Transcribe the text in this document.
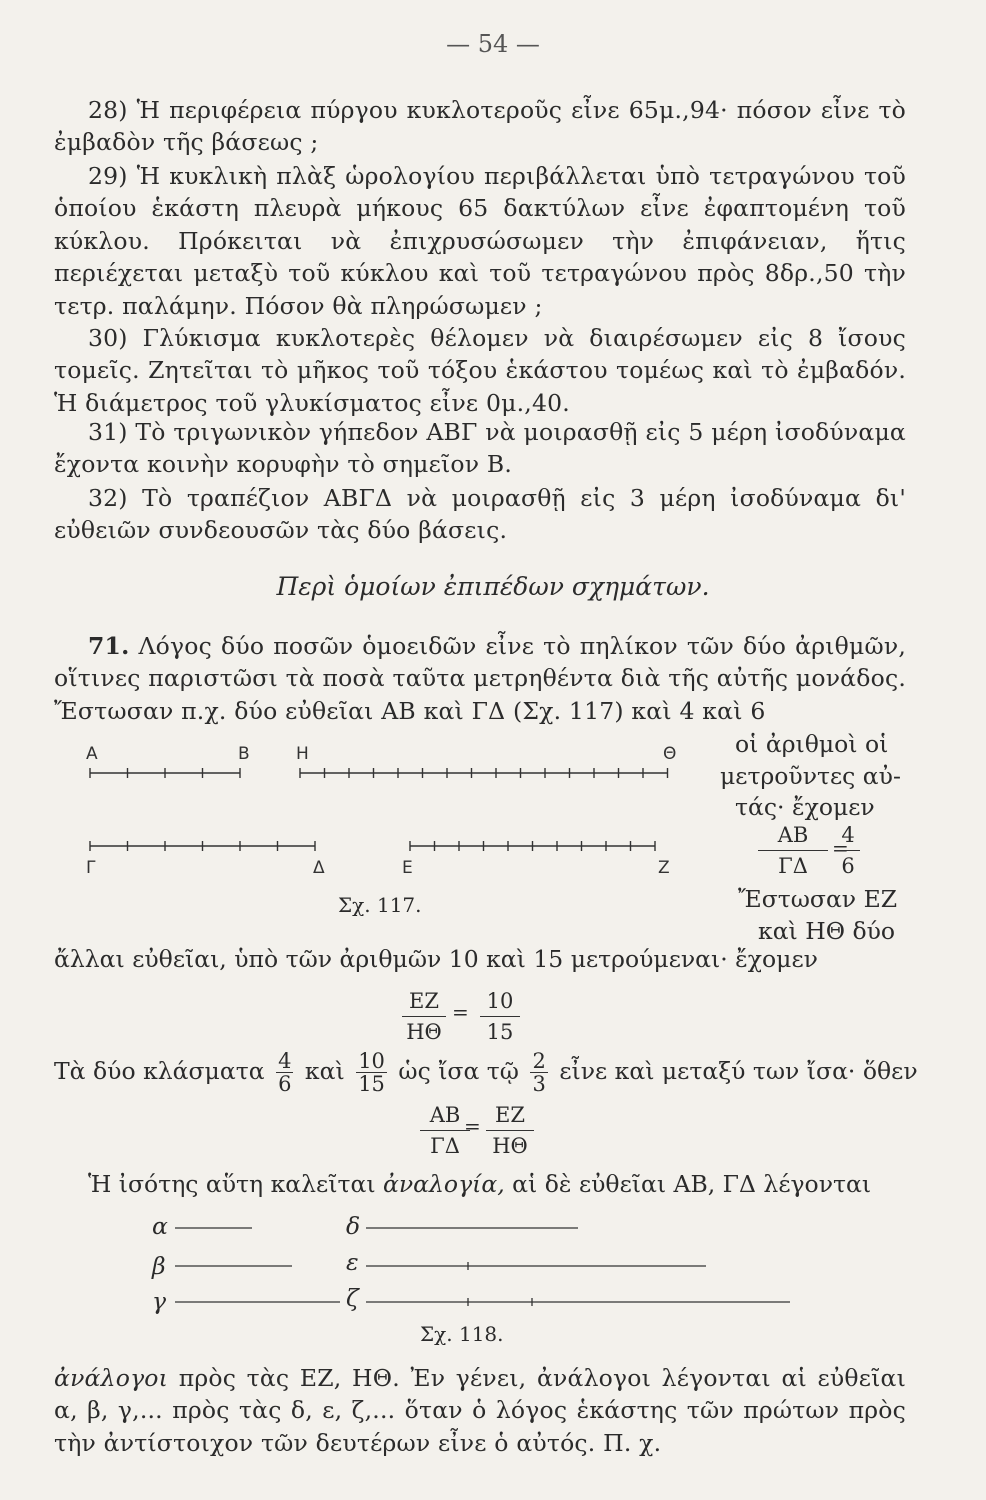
— 54 —
28) Ἡ περιφέρεια πύργου κυκλοτεροῦς εἶνε 65μ.,94· πόσον εἶνε τὸ ἐμβαδὸν τῆς βάσεως ;
29) Ἡ κυκλικὴ πλὰξ ὡρολογίου περιβάλλεται ὑπὸ τετραγώνου τοῦ ὁποίου ἑκάστη πλευρὰ μήκους 65 δακτύλων εἶνε ἐφαπτομένη τοῦ κύκλου. Πρόκειται νὰ ἐπιχρυσώσωμεν τὴν ἐπιφάνειαν, ἥτις περιέχεται μεταξὺ τοῦ κύκλου καὶ τοῦ τετραγώνου πρὸς 8δρ.,50 τὴν τετρ. παλάμην. Πόσον θὰ πληρώσωμεν ;
30) Γλύκισμα κυκλοτερὲς θέλομεν νὰ διαιρέσωμεν εἰς 8 ἴσους τομεῖς. Ζητεῖται τὸ μῆκος τοῦ τόξου ἑκάστου τομέως καὶ τὸ ἐμβαδόν. Ἡ διάμετρος τοῦ γλυκίσματος εἶνε 0μ.,40.
31) Τὸ τριγωνικὸν γήπεδον ΑΒΓ νὰ μοιρασθῇ εἰς 5 μέρη ἰσοδύναμα ἔχοντα κοινὴν κορυφὴν τὸ σημεῖον Β.
32) Τὸ τραπέζιον ΑΒΓΔ νὰ μοιρασθῇ εἰς 3 μέρη ἰσοδύναμα δι' εὐθειῶν συνδεουσῶν τὰς δύο βάσεις.
Περὶ ὁμοίων ἐπιπέδων σχημάτων.
71. Λόγος δύο ποσῶν ὁμοειδῶν εἶνε τὸ πηλίκον τῶν δύο ἀριθμῶν, οἵτινες παριστῶσι τὰ ποσὰ ταῦτα μετρηθέντα διὰ τῆς αὐτῆς μονάδος. Ἔστωσαν π.χ. δύο εὐθεῖαι ΑΒ καὶ ΓΔ (Σχ. 117) καὶ 4 καὶ 6
οἱ ἀριθμοὶ οἱ
μετροῦντες αὐ-
τάς· ἔχομεν
ΑΒ
ΓΔ
=
4
6
Ἔστωσαν ΕΖ
καὶ ΗΘ δύο
Α	Β	Η	Θ
Γ	Δ	Ε	Ζ
Σχ. 117.
ἄλλαι εὐθεῖαι, ὑπὸ τῶν ἀριθμῶν 10 καὶ 15 μετρούμεναι· ἔχομεν
ΕΖ
ΗΘ
= 10
15
Τὰ δύο κλάσματα $\frac{4}{6}$ καὶ $\frac{10}{15}$ ὡς ἴσα τῷ $\frac{2}{3}$ εἶνε καὶ μεταξύ των ἴσα· ὅθεν
ΑΒ
ΓΔ
= ΕΖ
ΗΘ
Ἡ ἰσότης αὕτη καλεῖται ἀναλογία, αἱ δὲ εὐθεῖαι ΑΒ, ΓΔ λέγονται
α
β
γ
δ
ε
ζ
Σχ. 118.
ἀνάλογοι πρὸς τὰς ΕΖ, ΗΘ. Ἐν γένει, ἀνάλογοι λέγονται αἱ εὐθεῖαι α, β, γ,... πρὸς τὰς δ, ε, ζ,... ὅταν ὁ λόγος ἑκάστης τῶν πρώτων πρὸς τὴν ἀντίστοιχον τῶν δευτέρων εἶνε ὁ αὐτός. Π. χ.
